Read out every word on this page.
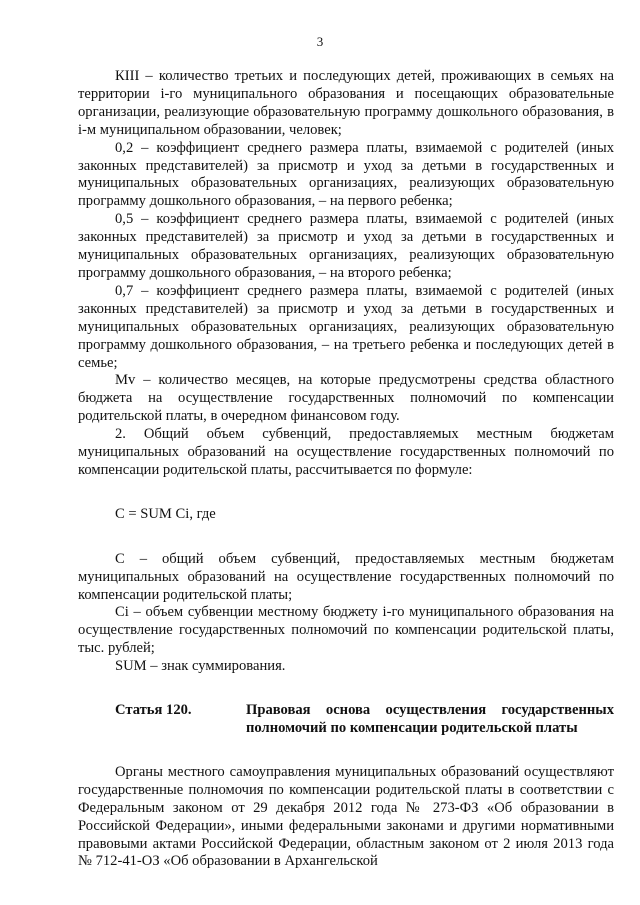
3

КIII – количество третьих и последующих детей, проживающих в семьях на территории i-го муниципального образования и посещающих образовательные организации, реализующие образовательную программу дошкольного образования, в i-м муниципальном образовании, человек;

0,2 – коэффициент среднего размера платы, взимаемой с родителей (иных законных представителей) за присмотр и уход за детьми в государственных и муниципальных образовательных организациях, реализующих образовательную программу дошкольного образования, – на первого ребенка;

0,5 – коэффициент среднего размера платы, взимаемой с родителей (иных законных представителей) за присмотр и уход за детьми в государственных и муниципальных образовательных организациях, реализующих образовательную программу дошкольного образования, – на второго ребенка;

0,7 – коэффициент среднего размера платы, взимаемой с родителей (иных законных представителей) за присмотр и уход за детьми в государственных и муниципальных образовательных организациях, реализующих образовательную программу дошкольного образования, – на третьего ребенка и последующих детей в семье;

Мv – количество месяцев, на которые предусмотрены средства областного бюджета на осуществление государственных полномочий по компенсации родительской платы, в очередном финансовом году.

2. Общий объем субвенций, предоставляемых местным бюджетам муниципальных образований на осуществление государственных полномочий по компенсации родительской платы, рассчитывается по формуле:

С = SUM Сi, где

С – общий объем субвенций, предоставляемых местным бюджетам муниципальных образований на осуществление государственных полномочий по компенсации родительской платы;

Сi – объем субвенции местному бюджету i-го муниципального образования на осуществление государственных полномочий по компенсации родительской платы, тыс. рублей;

SUM – знак суммирования.

Статья 120.	Правовая основа осуществления государственных полномочий по компенсации родительской платы

Органы местного самоуправления муниципальных образований осуществляют государственные полномочия по компенсации родительской платы в соответствии с Федеральным законом от 29 декабря 2012 года № 273-ФЗ «Об образовании в Российской Федерации», иными федеральными законами и другими нормативными правовыми актами Российской Федерации, областным законом от 2 июля 2013 года № 712-41-ОЗ «Об образовании в Архангельской
